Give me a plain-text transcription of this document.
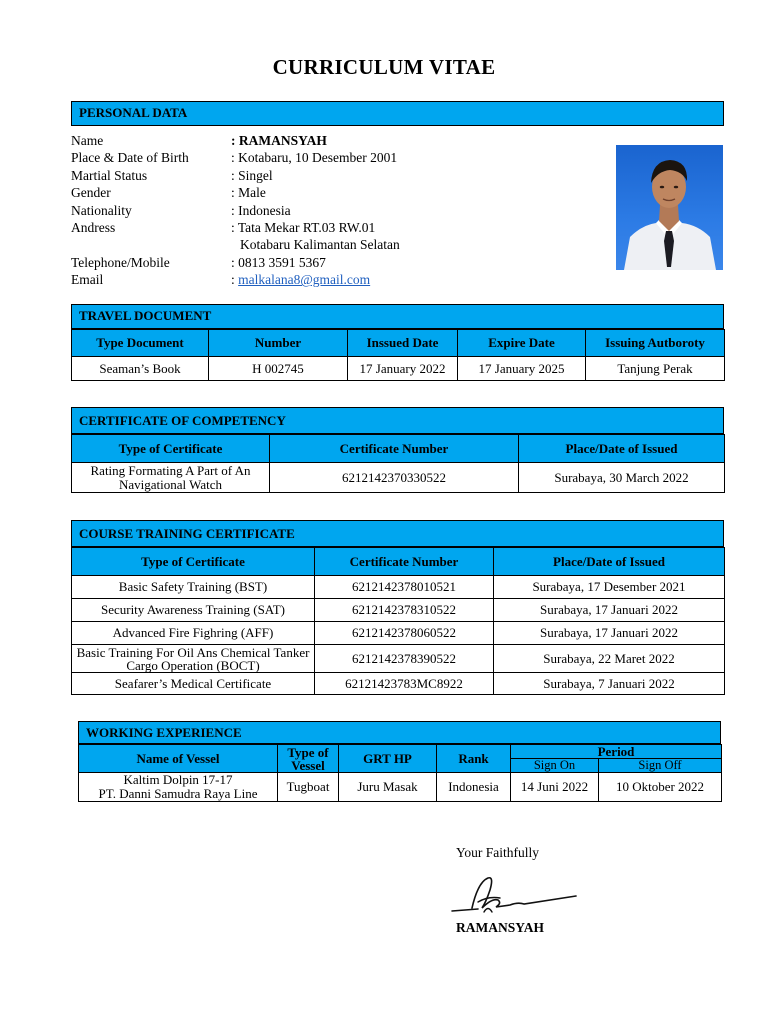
CURRICULUM VITAE
PERSONAL DATA
Name	: RAMANSYAH
Place & Date of Birth	: Kotabaru, 10 Desember 2001
Martial Status	: Singel
Gender	: Male
Nationality	: Indonesia
Andress	: Tata Mekar RT.03 RW.01
Kotabaru Kalimantan Selatan
Telephone/Mobile	: 0813 3591 5367
Email	: malkalana8@gmail.com
TRAVEL DOCUMENT
Type Document	Number	Inssued Date	Expire Date	Issuing Autboroty
Seaman’s Book	H 002745	17 January 2022	17 January 2025	Tanjung Perak
CERTIFICATE OF COMPETENCY
Type of Certificate	Certificate Number	Place/Date of Issued
Rating Formating A Part of An Navigational Watch	6212142370330522	Surabaya, 30 March 2022
COURSE TRAINING CERTIFICATE
Type of Certificate	Certificate Number	Place/Date of Issued
Basic Safety Training (BST)	6212142378010521	Surabaya, 17 Desember 2021
Security Awareness Training (SAT)	6212142378310522	Surabaya, 17 Januari 2022
Advanced Fire Fighring (AFF)	6212142378060522	Surabaya, 17 Januari 2022
Basic Training For Oil Ans Chemical Tanker Cargo Operation (BOCT)	6212142378390522	Surabaya, 22 Maret 2022
Seafarer’s Medical Certificate	62121423783MC8922	Surabaya, 7 Januari 2022
WORKING EXPERIENCE
Name of Vessel	Type of Vessel	GRT HP	Rank	Period	
				Sign On	Sign Off

Kaltim Dolpin 17-17
PT. Danni Samudra Raya Line	Tugboat	Juru Masak	Indonesia	14 Juni 2022	10 Oktober 2022
Your Faithfully
RAMANSYAH
